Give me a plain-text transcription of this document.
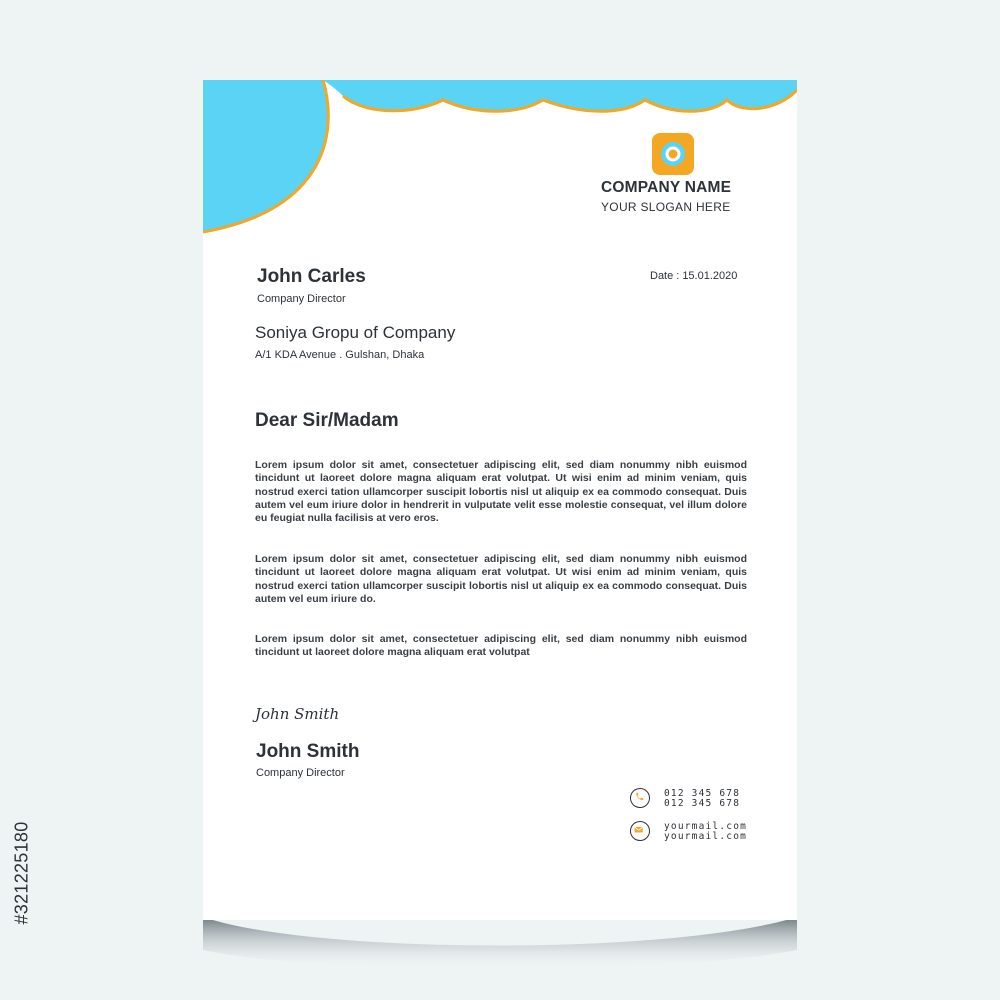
COMPANY NAME
YOUR SLOGAN HERE
Date : 15.01.2020
John Carles
Company Director
Soniya Gropu of Company
A/1 KDA Avenue . Gulshan, Dhaka
Dear Sir/Madam

Lorem ipsum dolor sit amet, consectetuer adipiscing elit, sed diam nonummy nibh euismod tincidunt ut laoreet dolore magna aliquam erat volutpat. Ut wisi enim ad minim veniam, quis nostrud exerci tation ullamcorper suscipit lobortis nisl ut aliquip ex ea commodo consequat. Duis autem vel eum iriure dolor in hendrerit in vulputate velit esse molestie consequat, vel illum dolore eu feugiat nulla facilisis at vero eros.

Lorem ipsum dolor sit amet, consectetuer adipiscing elit, sed diam nonummy nibh euismod tincidunt ut laoreet dolore magna aliquam erat volutpat. Ut wisi enim ad minim veniam, quis nostrud exerci tation ullamcorper suscipit lobortis nisl ut aliquip ex ea commodo consequat. Duis autem vel eum iriure do.

Lorem ipsum dolor sit amet, consectetuer adipiscing elit, sed diam nonummy nibh euismod tincidunt ut laoreet dolore magna aliquam erat volutpat

John Smith
John Smith
Company Director
012 345 678
012 345 678
yourmail.com
yourmail.com
#321225180
